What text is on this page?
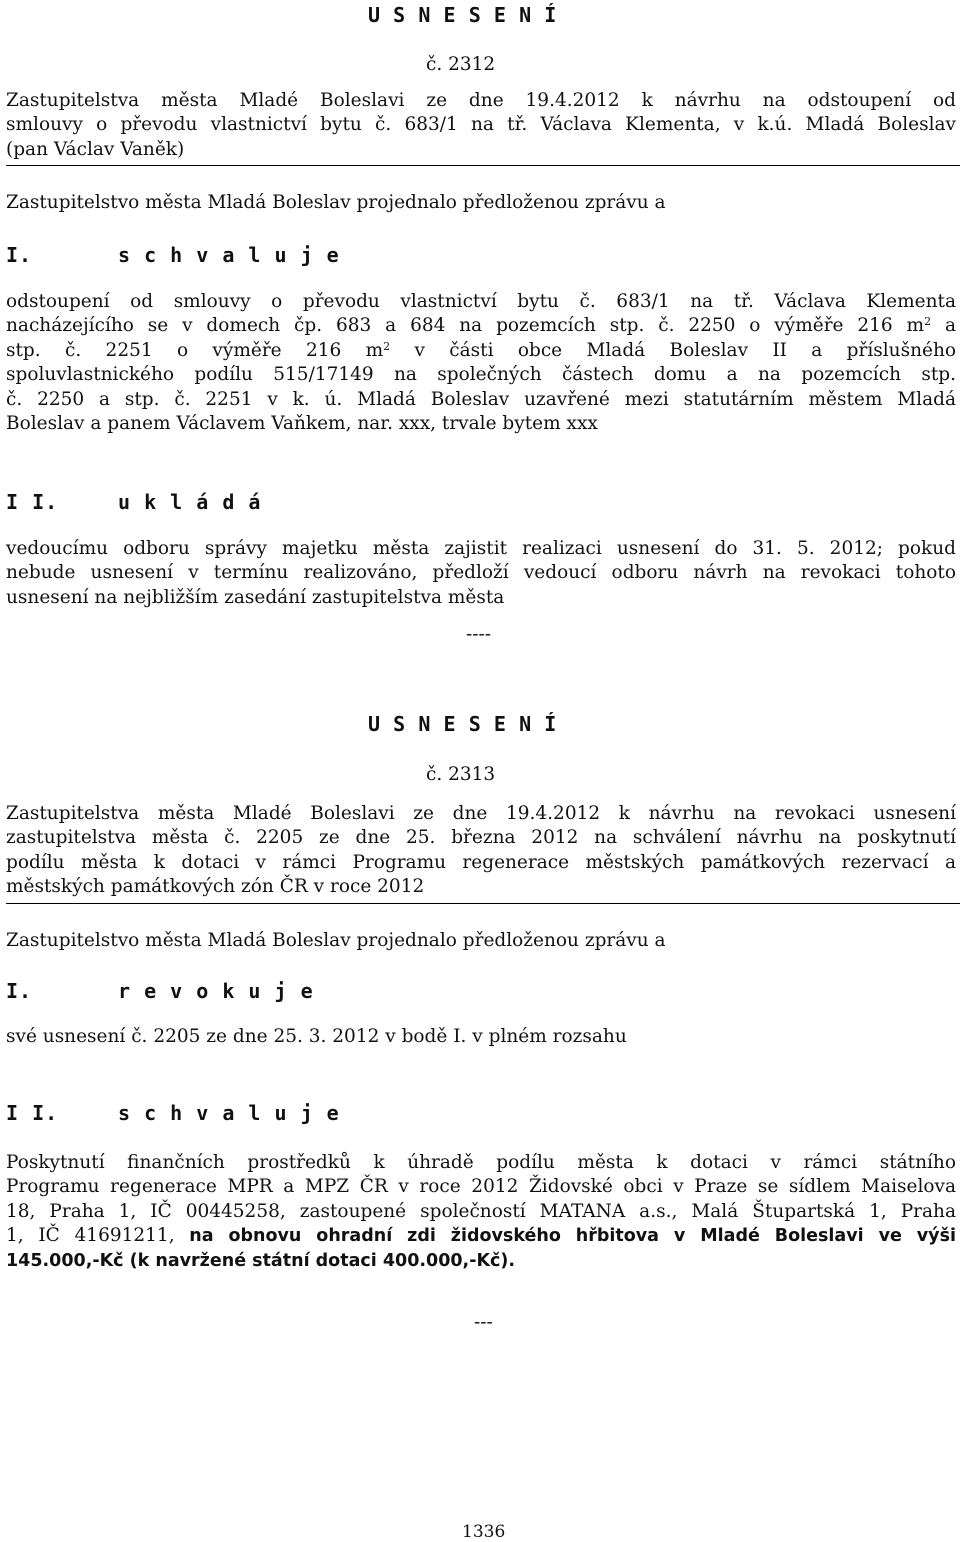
U S N E S E N Í
č. 2312
Zastupitelstva města Mladé Boleslavi ze dne 19.4.2012 k návrhu na odstoupení od
smlouvy o převodu vlastnictví bytu č. 683/1 na tř. Václava Klementa, v k.ú. Mladá Boleslav
(pan Václav Vaněk)
Zastupitelstvo města Mladá Boleslav projednalo předloženou zprávu a
I.	s c h v a l u j e
odstoupení od smlouvy o převodu vlastnictví bytu č. 683/1 na tř. Václava Klementa
nacházejícího se v domech čp. 683 a 684 na pozemcích stp. č. 2250 o výměře 216 $m^2$ a
stp. č. 2251 o výměře 216 $m^2$ v části obce Mladá Boleslav II a příslušného
spoluvlastnického podílu 515/17149 na společných částech domu a na pozemcích stp.
č. 2250 a stp. č. 2251 v k. ú. Mladá Boleslav uzavřené mezi statutárním městem Mladá
Boleslav a panem Václavem Vaňkem, nar. xxx, trvale bytem xxx
I I.	u k l á d á
vedoucímu odboru správy majetku města zajistit realizaci usnesení do 31. 5. 2012; pokud
nebude usnesení v termínu realizováno, předloží vedoucí odboru návrh na revokaci tohoto
usnesení na nejbližším zasedání zastupitelstva města
----
U S N E S E N Í
č. 2313
Zastupitelstva města Mladé Boleslavi ze dne 19.4.2012 k návrhu na revokaci usnesení
zastupitelstva města č. 2205 ze dne 25. března 2012 na schválení návrhu na poskytnutí
podílu města k dotaci v rámci Programu regenerace městských památkových rezervací a
městských památkových zón ČR v roce 2012
Zastupitelstvo města Mladá Boleslav projednalo předloženou zprávu a
I.	r e v o k u j e
své usnesení č. 2205 ze dne 25. 3. 2012 v bodě I. v plném rozsahu
I I.	s c h v a l u j e
Poskytnutí finančních prostředků k úhradě podílu města k dotaci v rámci státního
Programu regenerace MPR a MPZ ČR v roce 2012 Židovské obci v Praze se sídlem Maiselova
18, Praha 1, IČ 00445258, zastoupené společností MATANA a.s., Malá Štupartská 1, Praha
1, IČ 41691211, na obnovu ohradní zdi židovského hřbitova v Mladé Boleslavi ve výši
145.000,-Kč (k navržené státní dotaci 400.000,-Kč).
---
1336
